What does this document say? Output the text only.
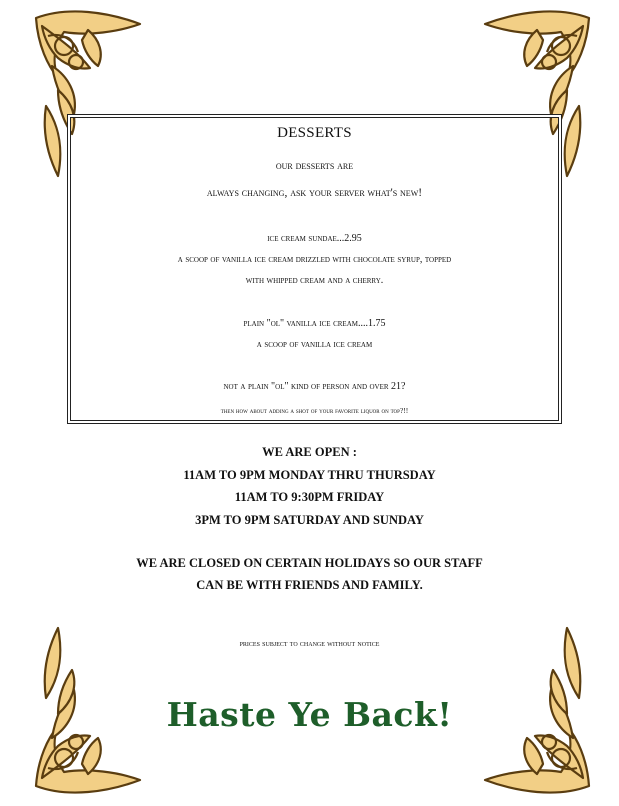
DESSERTS
our desserts are
always changing, ask your server what's new!
ice cream sundae...2.95
a scoop of vanilla ice cream drizzled with chocolate syrup, topped
with whipped cream and a cherry.
plain "ol" vanilla ice cream....1.75
a scoop of vanilla ice cream
not a plain "ol" kind of person and over 21?
then how about adding a shot of your favorite liquor on top?!!
WE ARE OPEN :
11AM TO 9PM MONDAY THRU THURSDAY
11AM TO 9:30PM FRIDAY
3PM TO 9PM SATURDAY AND SUNDAY
WE ARE CLOSED ON CERTAIN HOLIDAYS SO OUR STAFF
CAN BE WITH FRIENDS AND FAMILY.
prices subject to change without notice
Haste Ye Back!
